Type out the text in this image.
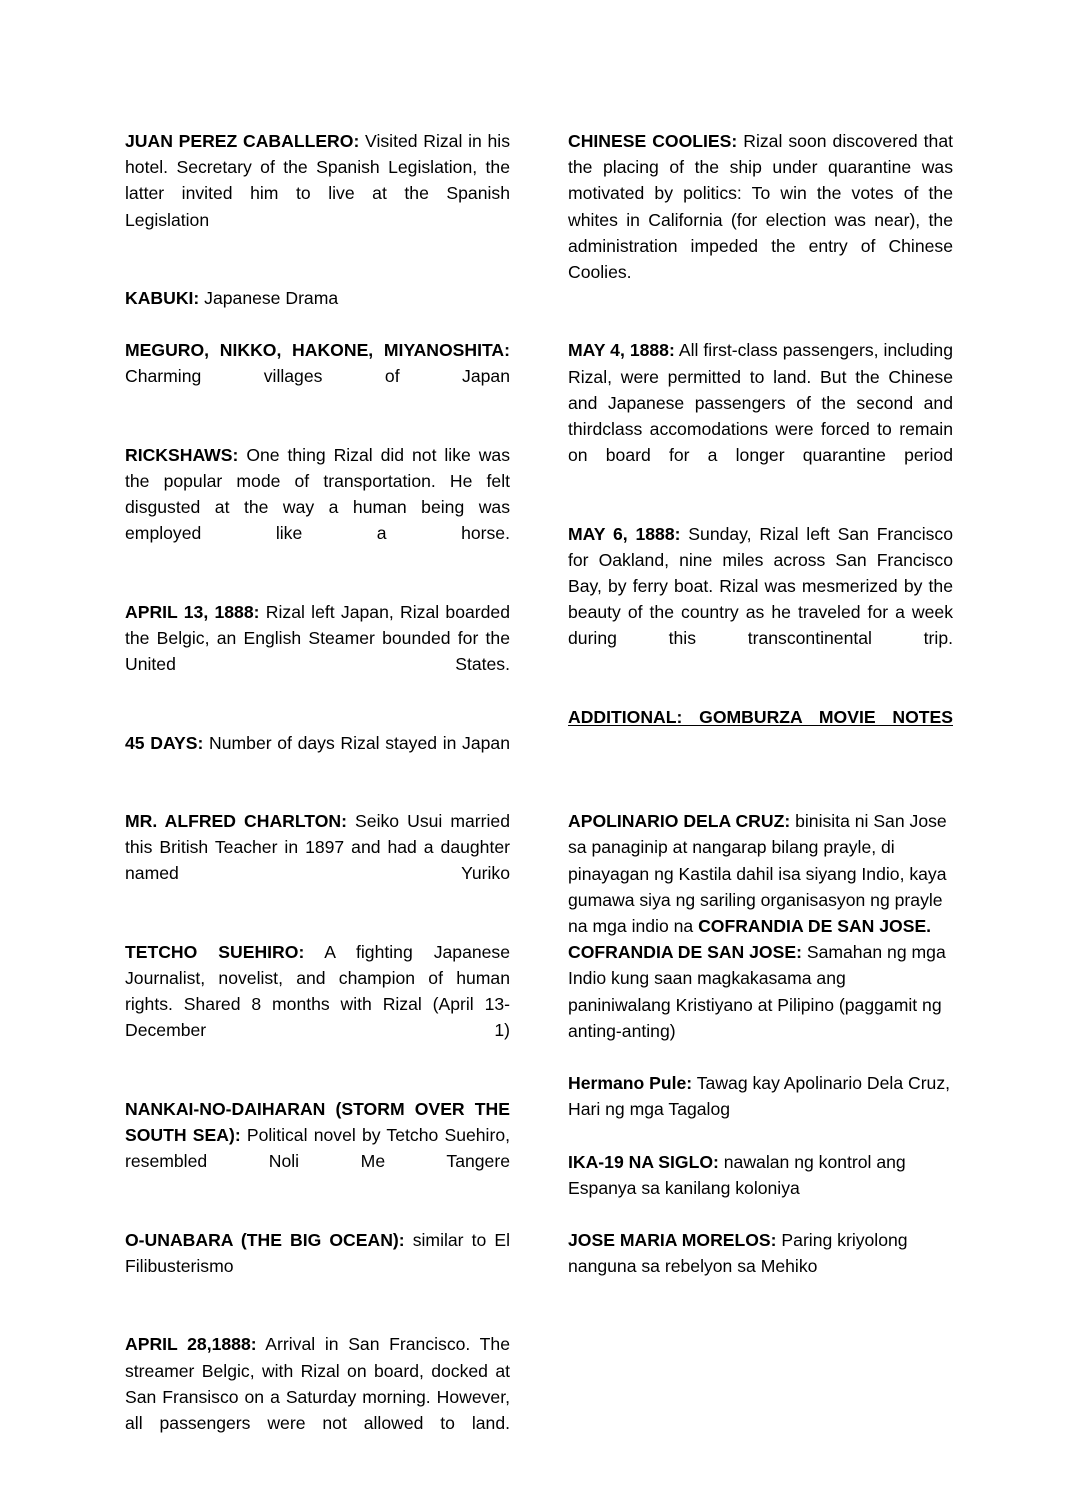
JUAN PEREZ CABALLERO: Visited Rizal in his hotel. Secretary of the Spanish Legislation, the latter invited him to live at the Spanish Legislation

KABUKI: Japanese Drama

MEGURO, NIKKO, HAKONE, MIYANOSHITA: Charming villages of Japan

RICKSHAWS: One thing Rizal did not like was the popular mode of transportation. He felt disgusted at the way a human being was employed like a horse.

APRIL 13, 1888: Rizal left Japan, Rizal boarded the Belgic, an English Steamer bounded for the United States.

45 DAYS: Number of days Rizal stayed in Japan

MR. ALFRED CHARLTON: Seiko Usui married this British Teacher in 1897 and had a daughter named Yuriko

TETCHO SUEHIRO: A fighting Japanese Journalist, novelist, and champion of human rights. Shared 8 months with Rizal (April 13-December 1)

NANKAI-NO-DAIHARAN (STORM OVER THE SOUTH SEA): Political novel by Tetcho Suehiro, resembled Noli Me Tangere

O-UNABARA (THE BIG OCEAN): similar to El Filibusterismo

APRIL 28,1888: Arrival in San Francisco. The streamer Belgic, with Rizal on board, docked at San Fransisco on a Saturday morning. However, all passengers were not allowed to land.

CHINESE COOLIES: Rizal soon discovered that the placing of the ship under quarantine was motivated by politics: To win the votes of the whites in California (for election was near), the administration impeded the entry of Chinese Coolies.

MAY 4, 1888: All first-class passengers, including Rizal, were permitted to land. But the Chinese and Japanese passengers of the second and thirdclass accomodations were forced to remain on board for a longer quarantine period

MAY 6, 1888: Sunday, Rizal left San Francisco for Oakland, nine miles across San Francisco Bay, by ferry boat. Rizal was mesmerized by the beauty of the country as he traveled for a week during this transcontinental trip.

ADDITIONAL: GOMBURZA MOVIE NOTES

APOLINARIO DELA CRUZ: binisita ni San Jose sa panaginip at nangarap bilang prayle, di pinayagan ng Kastila dahil isa siyang Indio, kaya gumawa siya ng sariling organisasyon ng prayle na mga indio na COFRANDIA DE SAN JOSE.

COFRANDIA DE SAN JOSE: Samahan ng mga Indio kung saan magkakasama ang paniniwalang Kristiyano at Pilipino (paggamit ng anting-anting)

Hermano Pule: Tawag kay Apolinario Dela Cruz, Hari ng mga Tagalog

IKA-19 NA SIGLO: nawalan ng kontrol ang Espanya sa kanilang koloniya

JOSE MARIA MORELOS: Paring kriyolong nanguna sa rebelyon sa Mehiko
